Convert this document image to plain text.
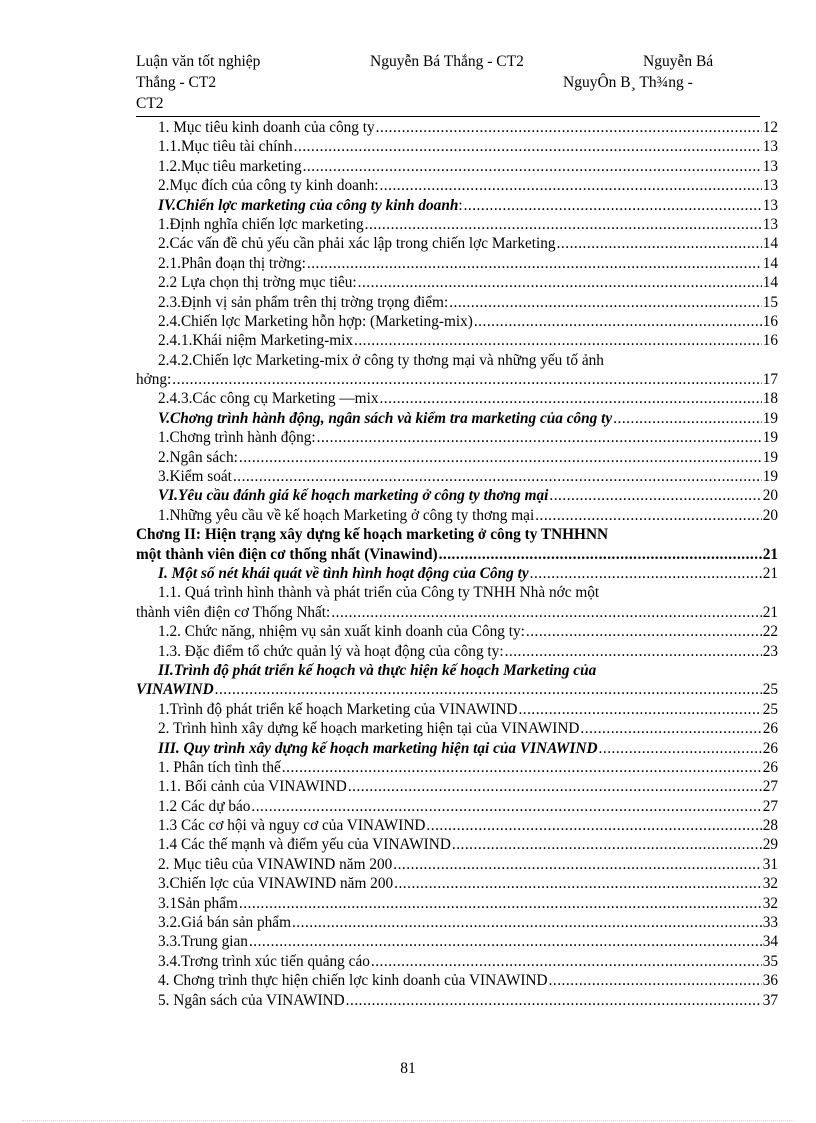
Luận văn tốt nghiệp	Nguyễn Bá Thắng - CT2	Nguyễn Bá
Thắng - CT2	NguyÔn B¸ Th¾ng -
CT2
1. Mục tiêu kinh doanh của công ty .....	12
1.1.Mục tiêu tài chính .....	13
1.2.Mục tiêu marketing .....	13
2.Mục đích của công ty kinh doanh: .....	13
IV.Chiến lợc marketing của công ty kinh doanh : .....	13
1.Định nghĩa chiến lợc marketing .....	13
2.Các vấn đề chủ yếu cần phải xác lập trong chiến lợc Marketing .....	14
2.1.Phân đoạn thị trờng: .....	14
2.2 Lựa chọn thị trờng mục tiêu: .....	14
2.3.Định vị sản phẩm trên thị trờng trọng điểm: .....	15
2.4.Chiến lợc Marketing hỗn hợp: (Marketing-mix) .....	16
2.4.1.Khái niệm Marketing-mix .....	16
2.4.2.Chiến lợc Marketing-mix ở công ty thơng mại và những yếu tố ảnh
hởng: .....	17
2.4.3.Các công cụ Marketing —mix .....	18
V.Chơng trình hành động, ngân sách và kiểm tra marketing của công ty .....	19
1.Chơng trình hành động: .....	19
2.Ngân sách: .....	19
3.Kiểm soát .....	19
VI.Yêu cầu đánh giá kế hoạch marketing ở công ty thơng mại .....	20
1.Những yêu cầu về kế hoạch Marketing ở công ty thơng mại .....	20
Chơng II: Hiện trạng xây dựng kế hoạch marketing ở công ty TNHHNN
một thành viên điện cơ thống nhất (Vinawind) .....	21
I. Một số nét khái quát về tình hình hoạt động của Công ty .....	21
1.1. Quá trình hình thành và phát triển của Công ty TNHH Nhà nớc một
thành viên điện cơ Thống Nhất: .....	21
1.2. Chức năng, nhiệm vụ sản xuất kinh doanh của Công ty: .....	22
1.3. Đặc điểm tổ chức quản lý và hoạt động của công ty: .....	23
II.Trình độ phát triển kế hoạch và thực hiện kế hoạch Marketing của
VINAWIND .....	25
1.Trình độ phát triển kế hoạch Marketing của VINAWIND .....	25
2. Trình hình xây dựng kế hoạch marketing hiện tại của VINAWIND .....	26
III. Quy trình xây dựng kế hoạch marketing hiện tại của VINAWIND .....	26
1. Phân tích tình thế .....	26
1.1. Bối cảnh của VINAWIND .....	27
1.2 Các dự báo .....	27
1.3 Các cơ hội và nguy cơ của VINAWIND .....	28
1.4 Các thế mạnh và điểm yếu của VINAWIND .....	29
2. Mục tiêu của VINAWIND năm 200 .....	31
3.Chiến lợc của VINAWIND năm 200 .....	32
3.1Sản phẩm .....	32
3.2.Giá bán sản phẩm .....	33
3.3.Trung gian .....	34
3.4.Trơng trình xúc tiến quảng cáo .....	35
4. Chơng trình thực hiện chiến lợc kinh doanh của VINAWIND .....	36
5. Ngân sách của VINAWIND .....	37
81
